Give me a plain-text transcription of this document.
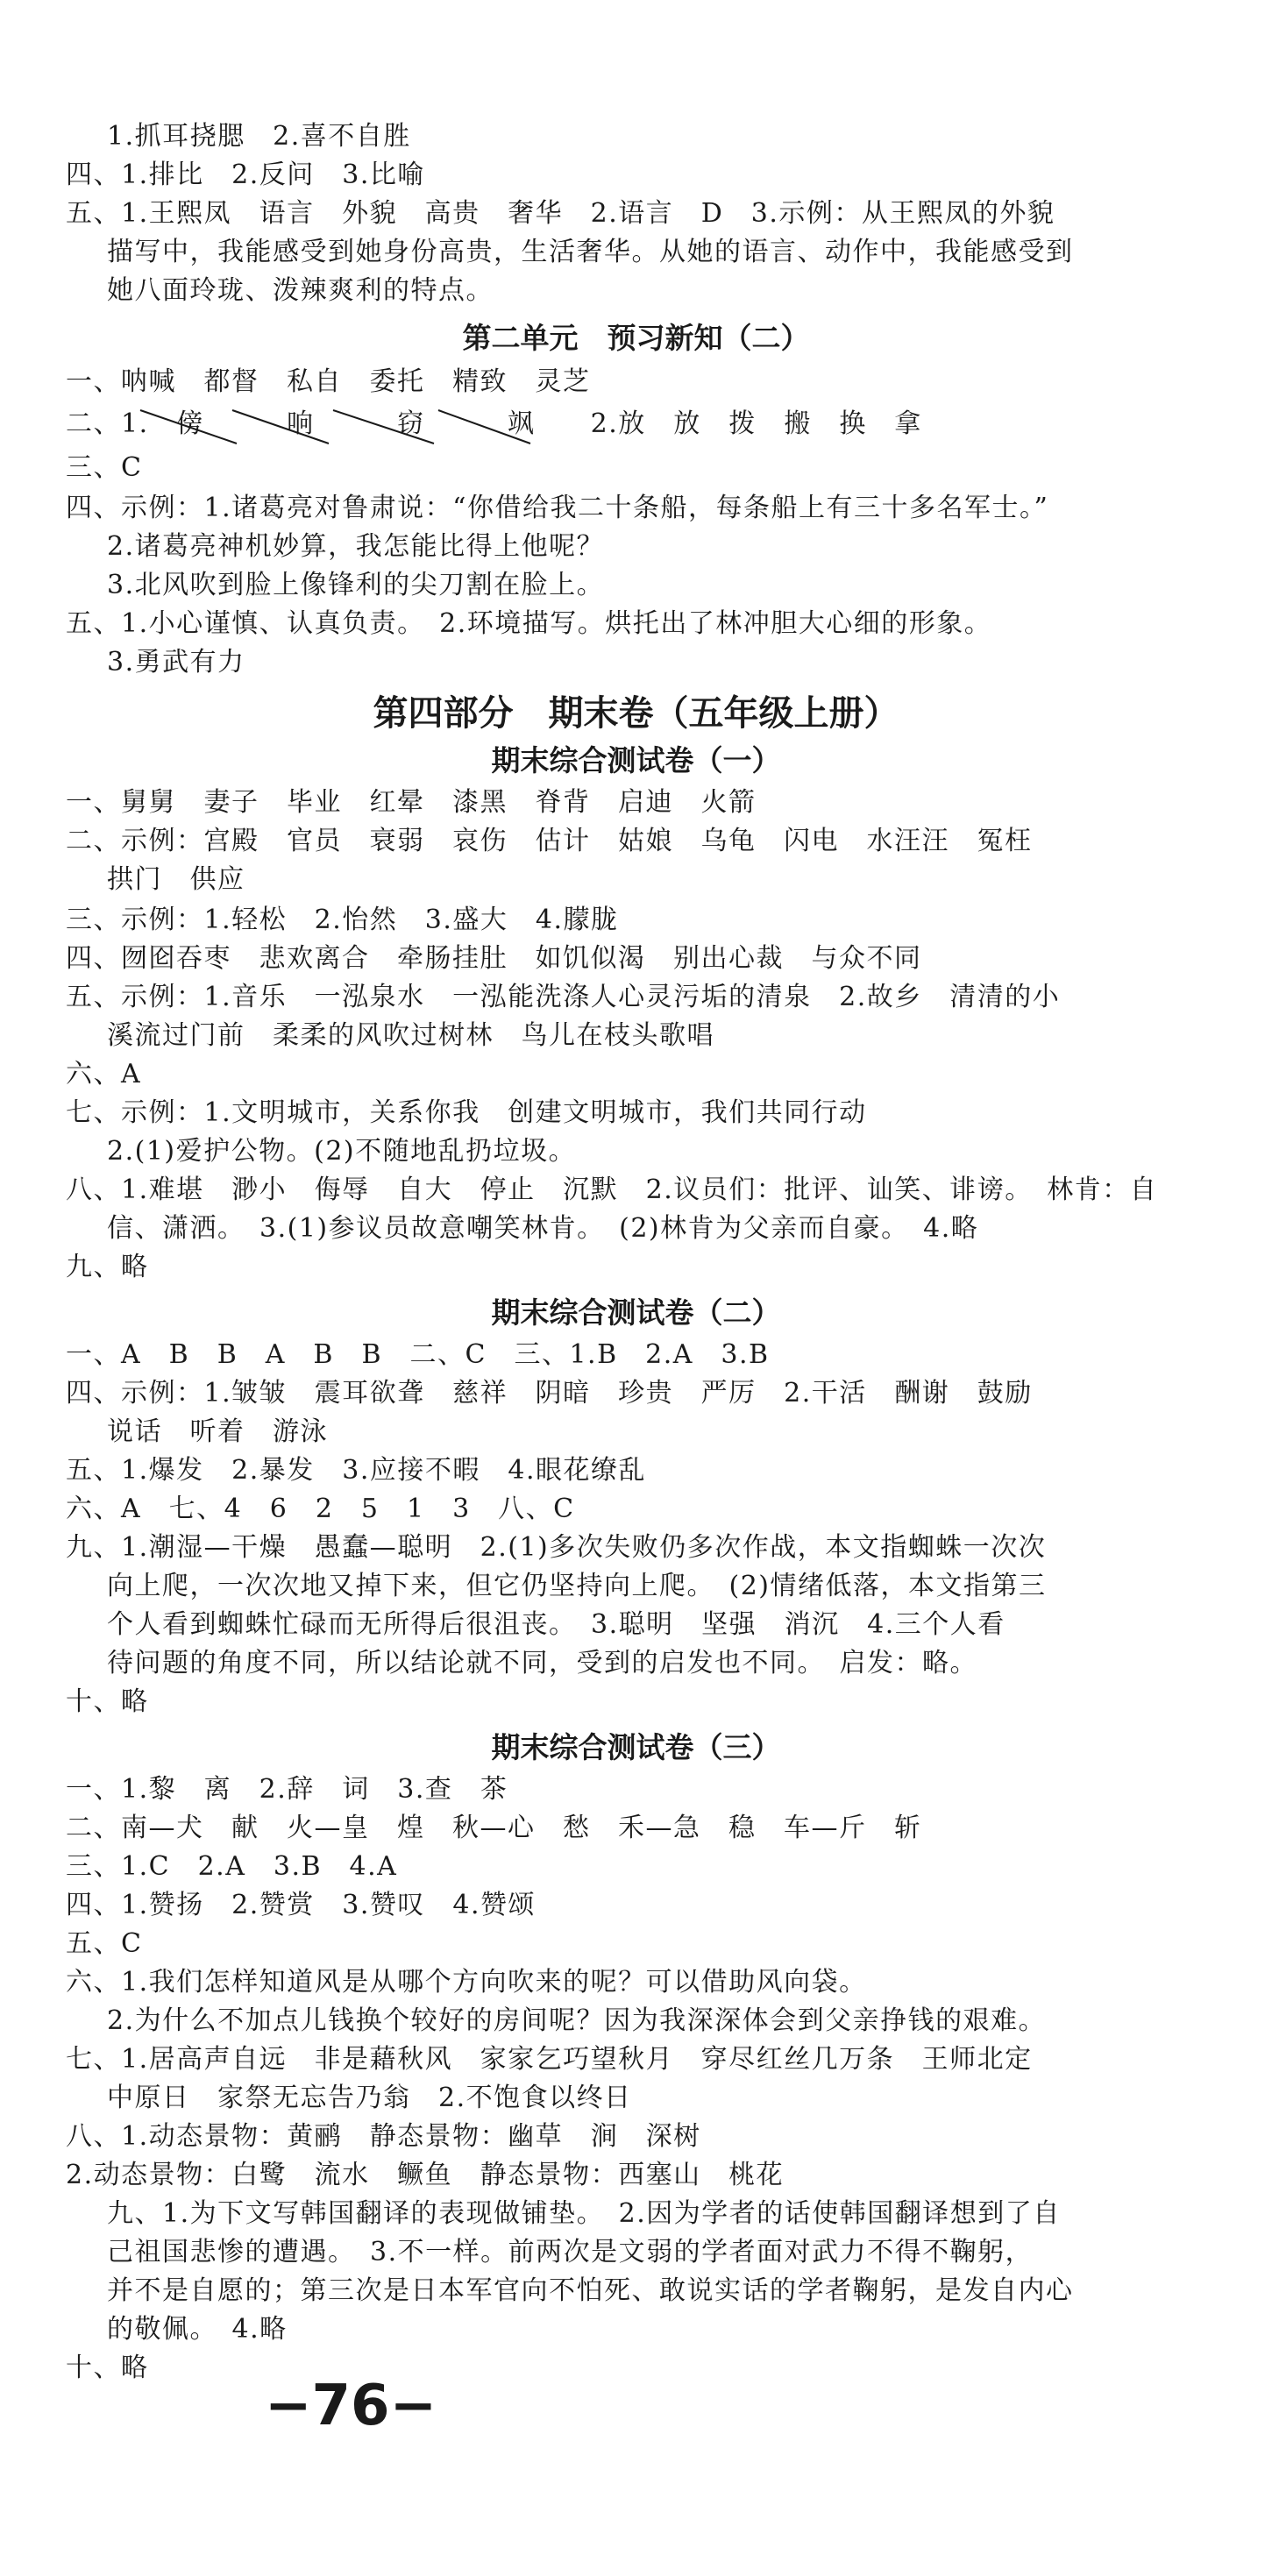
1.抓耳挠腮　2.喜不自胜
四、1.排比　2.反问　3.比喻
五、1.王熙凤　语言　外貌　高贵　奢华　2.语言　D　3.示例：从王熙凤的外貌
描写中，我能感受到她身份高贵，生活奢华。从她的语言、动作中，我能感受到
她八面玲珑、泼辣爽利的特点。
第二单元　预习新知（二）
一、呐喊　都督　私自　委托　精致　灵芝
二、1.　傍　　　响　　　窃　　　飒　　2.放　放　拨　搬　换　拿
三、C
四、示例：1.诸葛亮对鲁肃说：“你借给我二十条船，每条船上有三十多名军士。”
2.诸葛亮神机妙算，我怎能比得上他呢？
3.北风吹到脸上像锋利的尖刀割在脸上。
五、1.小心谨慎、认真负责。　2.环境描写。烘托出了林冲胆大心细的形象。
3.勇武有力
第四部分　期末卷（五年级上册）
期末综合测试卷（一）
一、舅舅　妻子　毕业　红晕　漆黑　脊背　启迪　火箭
二、示例：宫殿　官员　衰弱　哀伤　估计　姑娘　乌龟　闪电　水汪汪　冤枉
拱门　供应
三、示例：1.轻松　2.怡然　3.盛大　4.朦胧
四、囫囵吞枣　悲欢离合　牵肠挂肚　如饥似渴　别出心裁　与众不同
五、示例：1.音乐　一泓泉水　一泓能洗涤人心灵污垢的清泉　2.故乡　清清的小
溪流过门前　柔柔的风吹过树林　鸟儿在枝头歌唱
六、A
七、示例：1.文明城市，关系你我　创建文明城市，我们共同行动
2.(1)爱护公物。(2)不随地乱扔垃圾。
八、1.难堪　渺小　侮辱　自大　停止　沉默　2.议员们：批评、讪笑、诽谤。　林肯：自
信、潇洒。　3.(1)参议员故意嘲笑林肯。　(2)林肯为父亲而自豪。　4.略
九、略
期末综合测试卷（二）
一、A　B　B　A　B　B　二、C　三、1.B　2.A　3.B
四、示例：1.皱皱　震耳欲聋　慈祥　阴暗　珍贵　严厉　2.干活　酬谢　鼓励
说话　听着　游泳
五、1.爆发　2.暴发　3.应接不暇　4.眼花缭乱
六、A　七、4　6　2　5　1　3　八、C
九、1.潮湿—干燥　愚蠢—聪明　2.(1)多次失败仍多次作战，本文指蜘蛛一次次
向上爬，一次次地又掉下来，但它仍坚持向上爬。　(2)情绪低落，本文指第三
个人看到蜘蛛忙碌而无所得后很沮丧。　3.聪明　坚强　消沉　4.三个人看
待问题的角度不同，所以结论就不同，受到的启发也不同。　启发：略。
十、略
期末综合测试卷（三）
一、1.黎　离　2.辞　词　3.查　茶
二、南—犬　献　火—皇　煌　秋—心　愁　禾—急　稳　车—斤　斩
三、1.C　2.A　3.B　4.A
四、1.赞扬　2.赞赏　3.赞叹　4.赞颂
五、C
六、1.我们怎样知道风是从哪个方向吹来的呢？可以借助风向袋。
2.为什么不加点儿钱换个较好的房间呢？因为我深深体会到父亲挣钱的艰难。
七、1.居高声自远　非是藉秋风　家家乞巧望秋月　穿尽红丝几万条　王师北定
中原日　家祭无忘告乃翁　2.不饱食以终日
八、1.动态景物：黄鹂　静态景物：幽草　涧　深树
2.动态景物：白鹭　流水　鳜鱼　静态景物：西塞山　桃花
九、1.为下文写韩国翻译的表现做铺垫。　2.因为学者的话使韩国翻译想到了自
己祖国悲惨的遭遇。　3.不一样。前两次是文弱的学者面对武力不得不鞠躬，
并不是自愿的；第三次是日本军官向不怕死、敢说实话的学者鞠躬，是发自内心
的敬佩。　4.略
十、略
−76−
